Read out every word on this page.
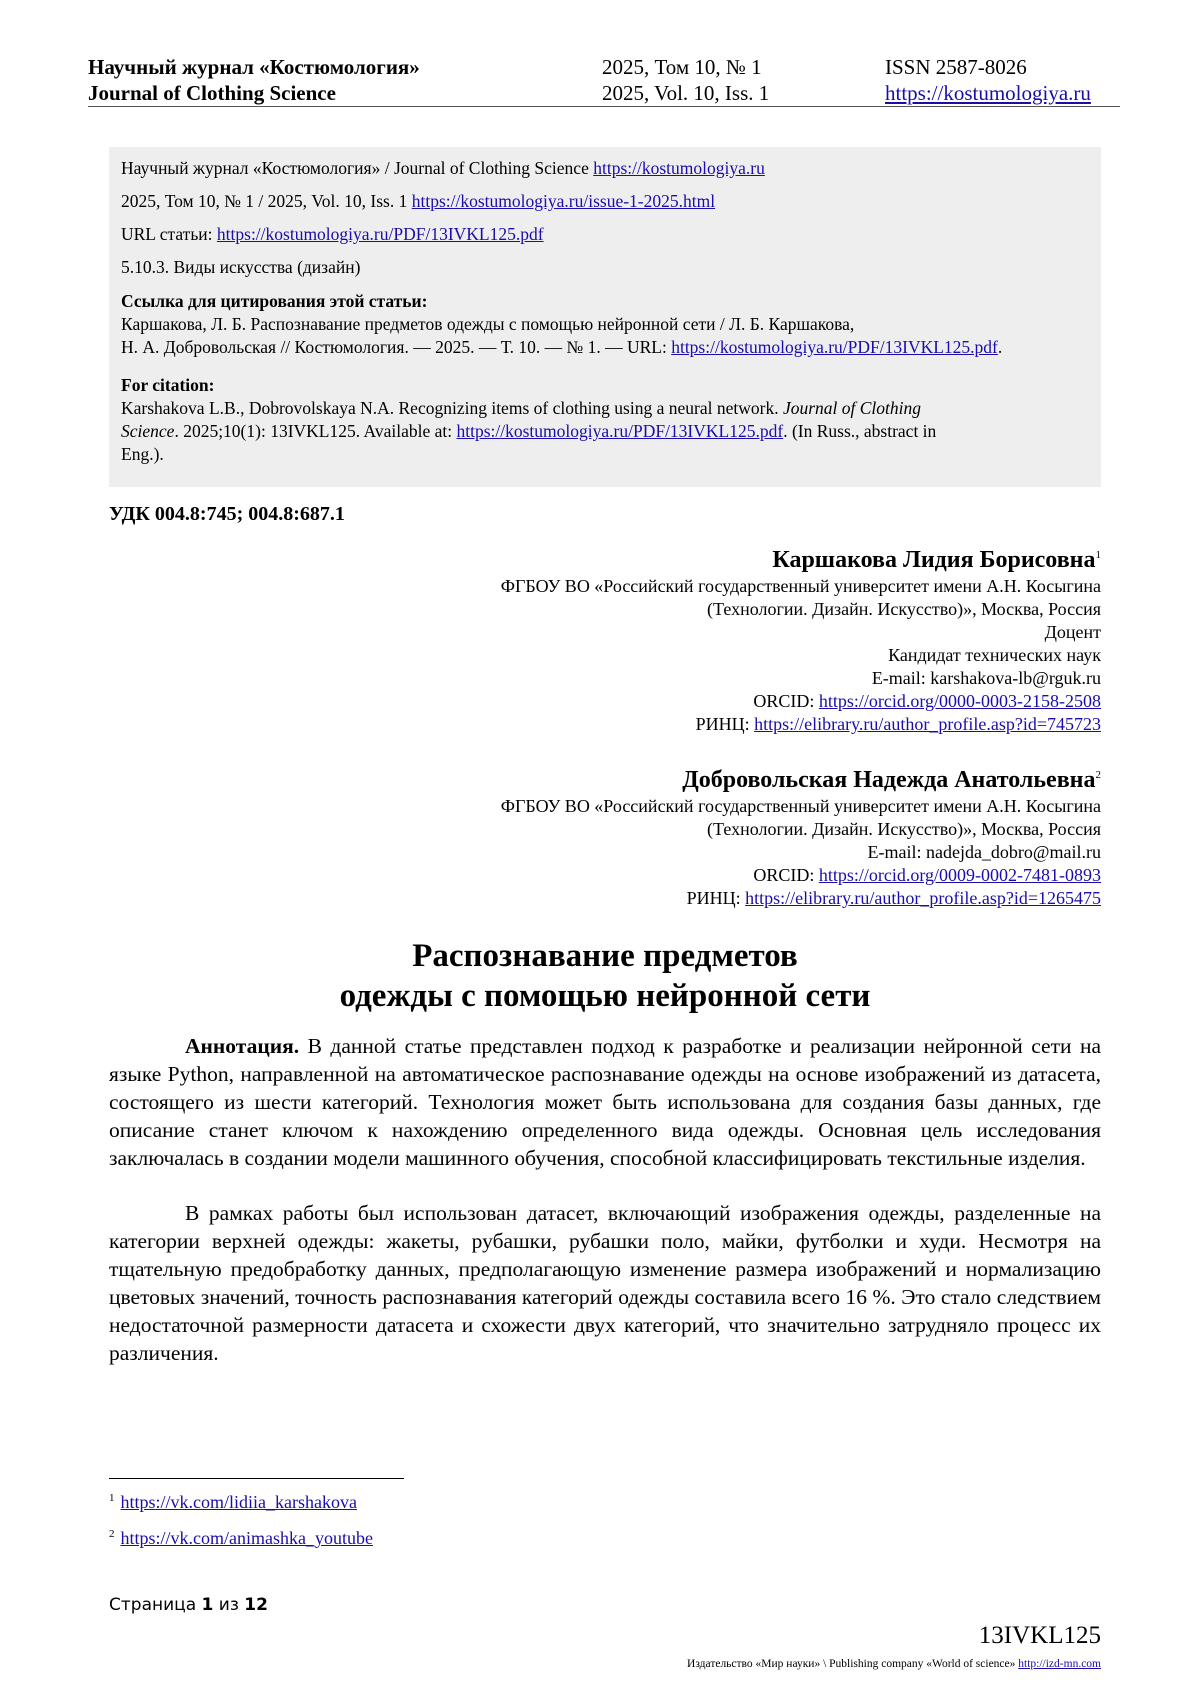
Научный журнал «Костюмология»
Journal of Clothing Science
2025, Том 10, № 1
2025, Vol. 10, Iss. 1
ISSN 2587-8026
https://kostumologiya.ru
Научный журнал «Костюмология» / Journal of Clothing Science https://kostumologiya.ru
2025, Том 10, № 1 / 2025, Vol. 10, Iss. 1 https://kostumologiya.ru/issue-1-2025.html
URL статьи: https://kostumologiya.ru/PDF/13IVKL125.pdf
5.10.3. Виды искусства (дизайн)
Ссылка для цитирования этой статьи:
Каршакова, Л. Б. Распознавание предметов одежды с помощью нейронной сети / Л. Б. Каршакова,
Н. А. Добровольская // Костюмология. — 2025. — Т. 10. — № 1. — URL: https://kostumologiya.ru/PDF/13IVKL125.pdf.
For citation:
Karshakova L.B., Dobrovolskaya N.A. Recognizing items of clothing using a neural network. Journal of Clothing
Science. 2025;10(1): 13IVKL125. Available at: https://kostumologiya.ru/PDF/13IVKL125.pdf. (In Russ., abstract in
Eng.).
УДК 004.8:745; 004.8:687.1
Каршакова Лидия Борисовна$^1$
ФГБОУ ВО «Российский государственный университет имени А.Н. Косыгина
(Технологии. Дизайн. Искусство)», Москва, Россия
Доцент
Кандидат технических наук
E-mail: karshakova-lb@rguk.ru
ORCID: https://orcid.org/0000-0003-2158-2508
РИНЦ: https://elibrary.ru/author_profile.asp?id=745723
Добровольская Надежда Анатольевна$^2$
ФГБОУ ВО «Российский государственный университет имени А.Н. Косыгина
(Технологии. Дизайн. Искусство)», Москва, Россия
E-mail: nadejda_dobro@mail.ru
ORCID: https://orcid.org/0009-0002-7481-0893
РИНЦ: https://elibrary.ru/author_profile.asp?id=1265475
Распознавание предметов
одежды с помощью нейронной сети

Аннотация. В данной статье представлен подход к разработке и реализации нейронной сети на языке Python, направленной на автоматическое распознавание одежды на основе изображений из датасета, состоящего из шести категорий. Технология может быть использована для создания базы данных, где описание станет ключом к нахождению определенного вида одежды. Основная цель исследования заключалась в создании модели машинного обучения, способной классифицировать текстильные изделия.

В рамках работы был использован датасет, включающий изображения одежды, разделенные на категории верхней одежды: жакеты, рубашки, рубашки поло, майки, футболки и худи. Несмотря на тщательную предобработку данных, предполагающую изменение размера изображений и нормализацию цветовых значений, точность распознавания категорий одежды составила всего 16 %. Это стало следствием недостаточной размерности датасета и схожести двух категорий, что значительно затрудняло процесс их различения.

$^1$ https://vk.com/lidiia_karshakova
$^2$ https://vk.com/animashka_youtube
Страница 1 из 12
13IVKL125
Издательство «Мир науки» \ Publishing company «World of science» http://izd-mn.com
